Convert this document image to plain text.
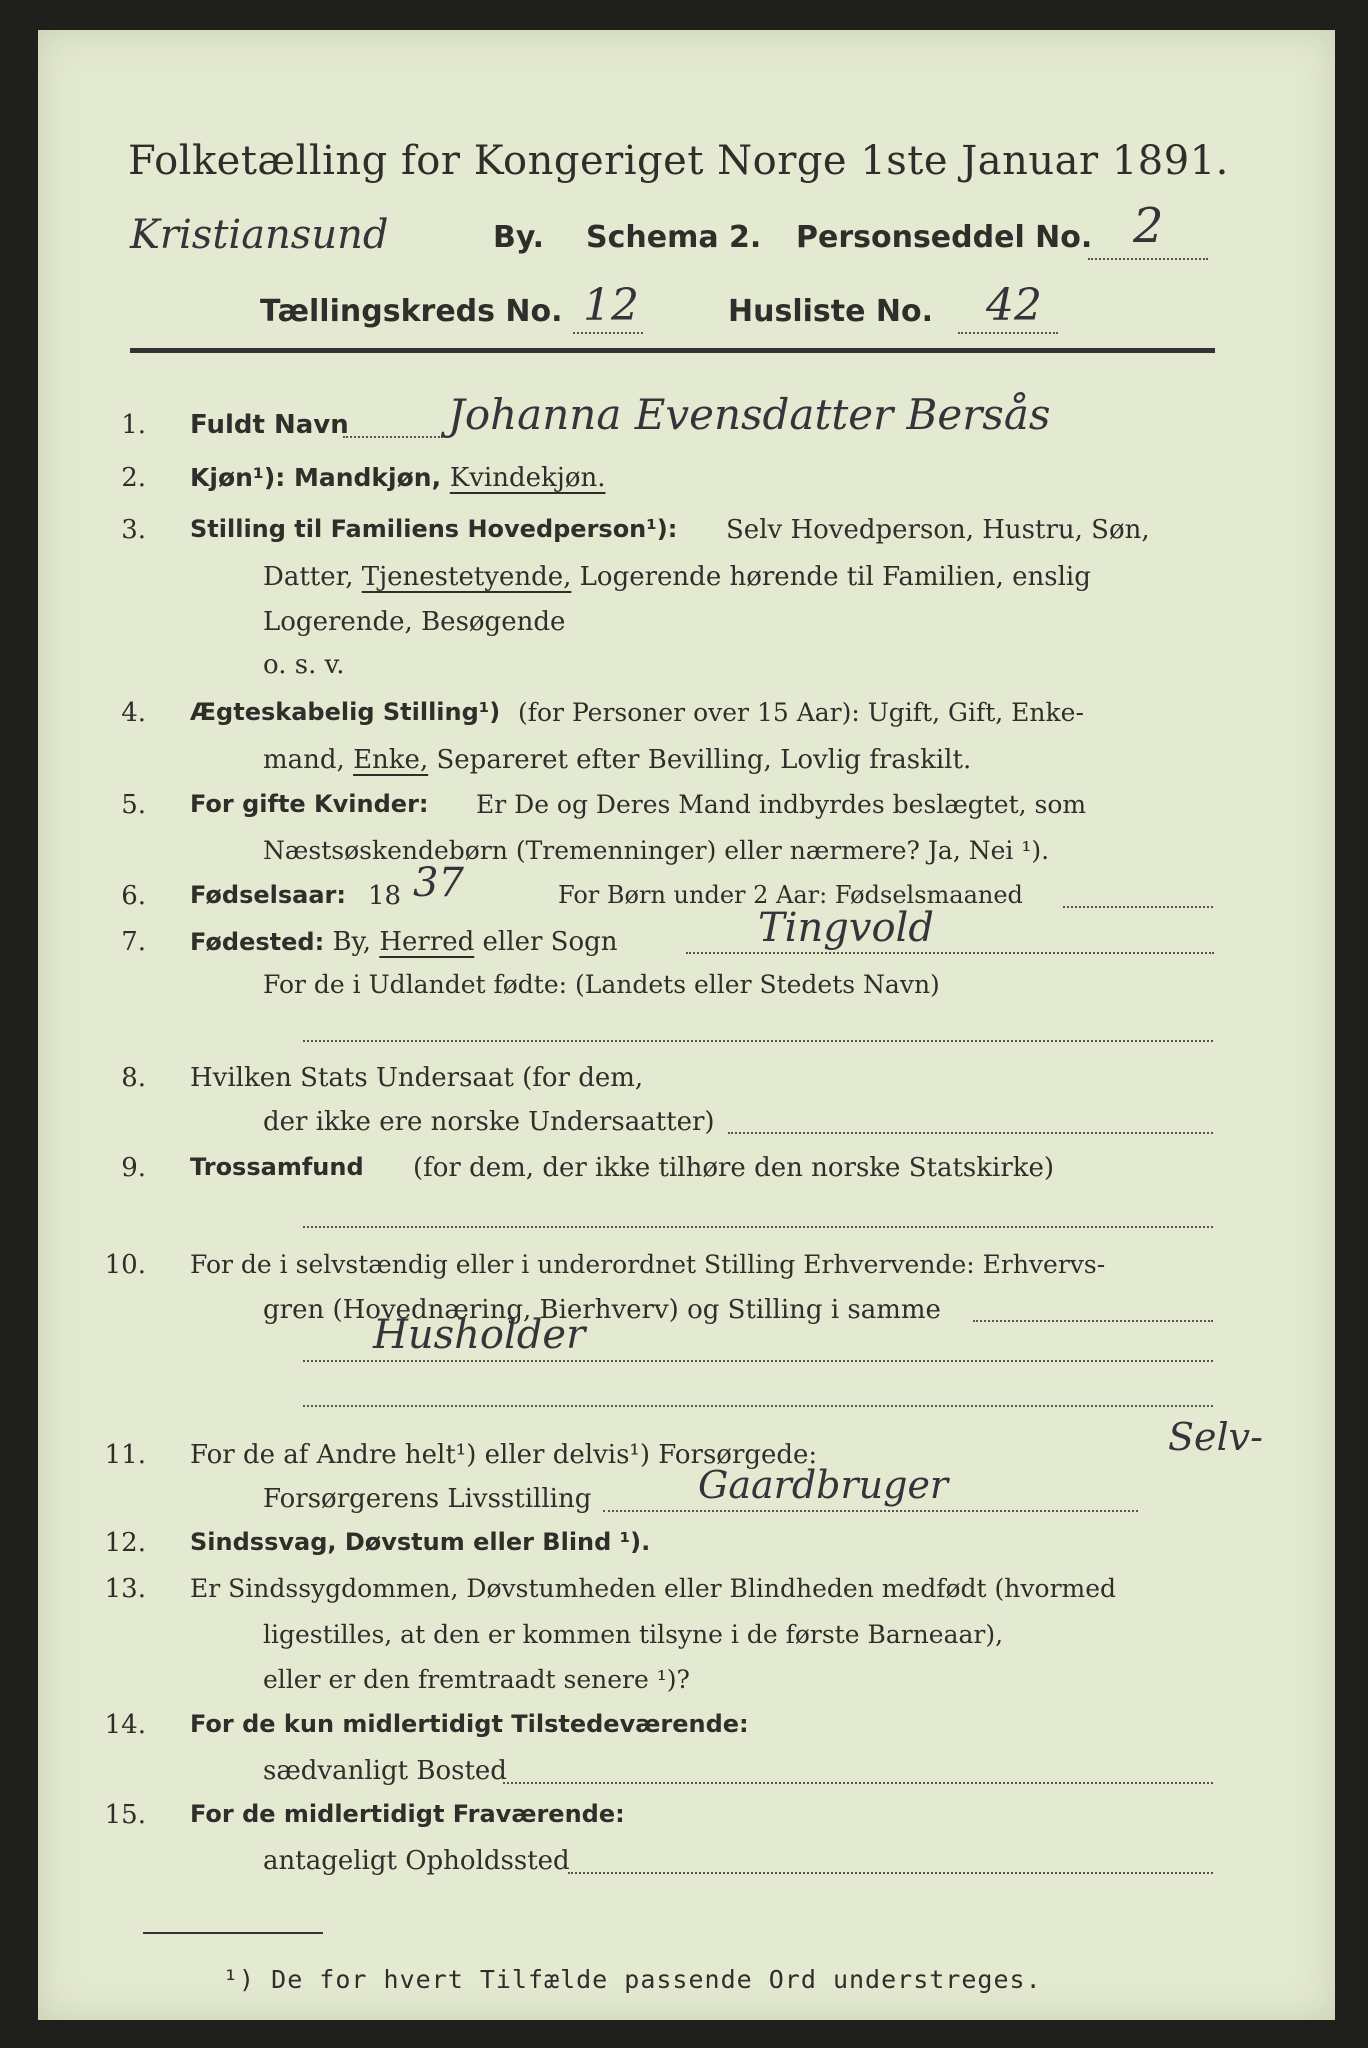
Folketælling for Kongeriget Norge 1ste Januar 1891.
Kristiansund	By. Schema 2. Personseddel No. 2
Tællingskreds No. 12	Husliste No. 42
1. Fuldt Navn Johanna Evensdatter Bersås
2. Kjøn¹): Mandkjøn, Kvindekjøn.
3. Stilling til Familiens Hovedperson¹): Selv Hovedperson, Hustru, Søn,
Datter, Tjenestetyende, Logerende hørende til Familien, enslig
Logerende, Besøgende
o. s. v.
4. Ægteskabelig Stilling¹) (for Personer over 15 Aar): Ugift, Gift, Enke-
mand, Enke, Separeret efter Bevilling, Lovlig fraskilt.
5. For gifte Kvinder: Er De og Deres Mand indbyrdes beslægtet, som
Næstsøskendebørn (Tremenninger) eller nærmere? Ja, Nei ¹).
6. Fødselsaar: 18 37	For Børn under 2 Aar: Fødselsmaaned
7. Fødested: By, Herred eller Sogn	Tingvold
For de i Udlandet fødte: (Landets eller Stedets Navn)
8. Hvilken Stats Undersaat (for dem,
der ikke ere norske Undersaatter)
9. Trossamfund (for dem, der ikke tilhøre den norske Statskirke)
10. For de i selvstændig eller i underordnet Stilling Erhvervende: Erhvervs-
gren (Hovednæring, Bierhverv) og Stilling i samme
Husholder
11. For de af Andre helt¹) eller delvis¹) Forsørgede:	Selv-
Forsørgerens Livsstilling	Gaardbruger
12. Sindssvag, Døvstum eller Blind ¹).
13. Er Sindssygdommen, Døvstumheden eller Blindheden medfødt (hvormed
ligestilles, at den er kommen tilsyne i de første Barneaar),
eller er den fremtraadt senere ¹)?
14. For de kun midlertidigt Tilstedeværende:
sædvanligt Bosted
15. For de midlertidigt Fraværende:
antageligt Opholdssted
¹) De for hvert Tilfælde passende Ord understreges.
